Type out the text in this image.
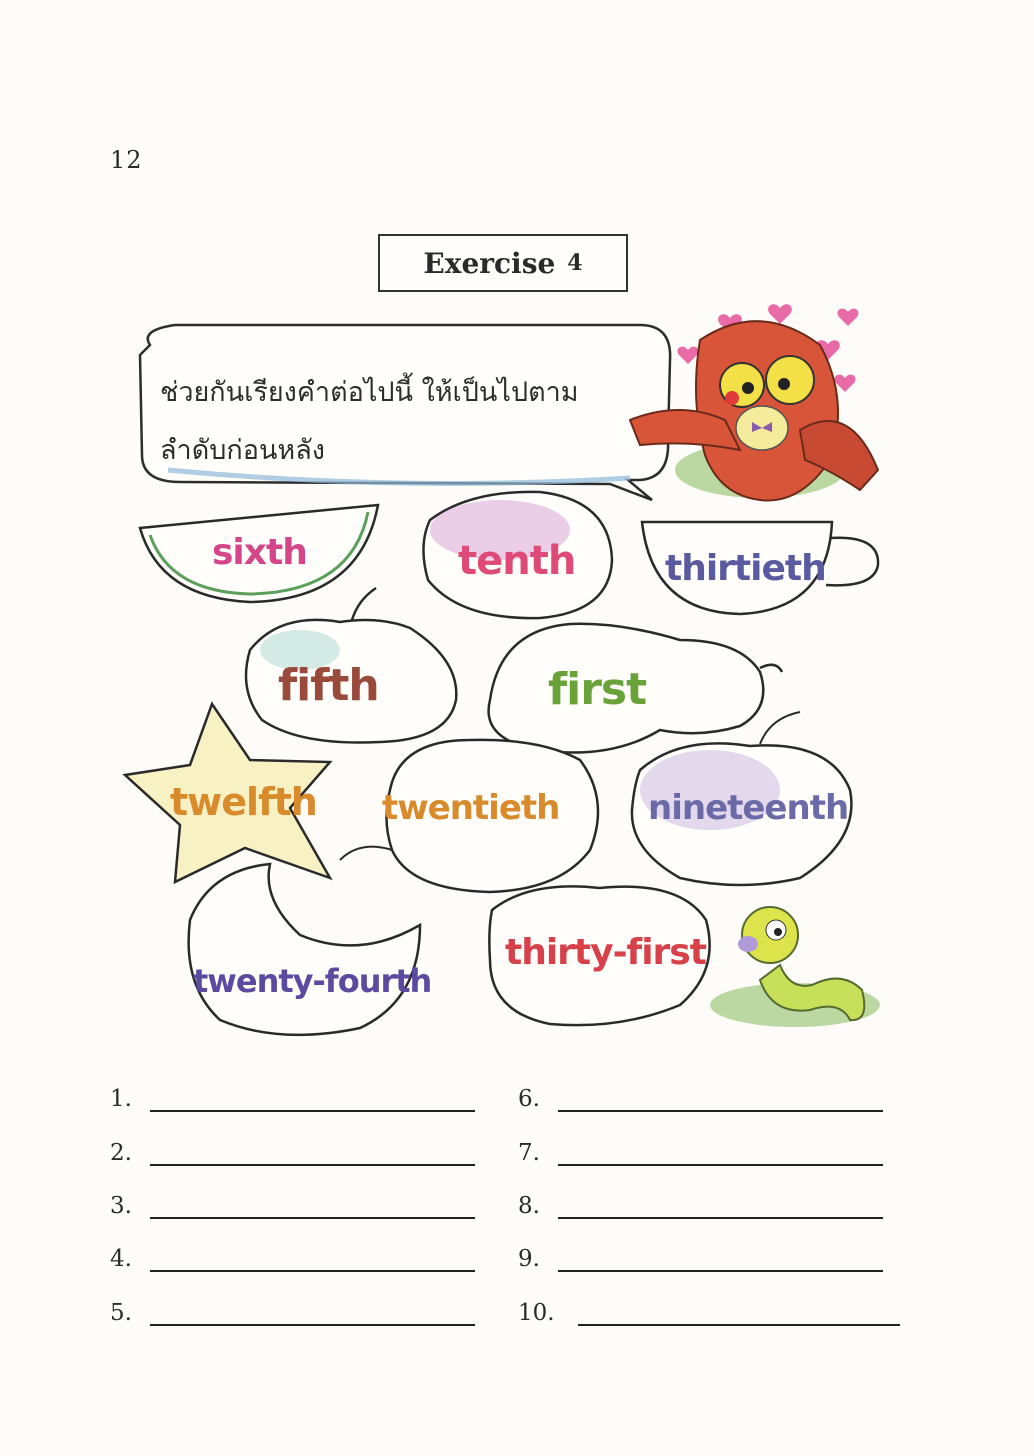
12
Exercise 4
ช่วยกันเรียงคำต่อไปนี้ ให้เป็นไปตาม
ลำดับก่อนหลัง
sixth	tenth thirtieth
fifth	first
twelfth twentieth	nineteenth
twenty-fourth
thirty-first
1.
2.
3.
4.
5.
6.
7.
8.
9.
10.
